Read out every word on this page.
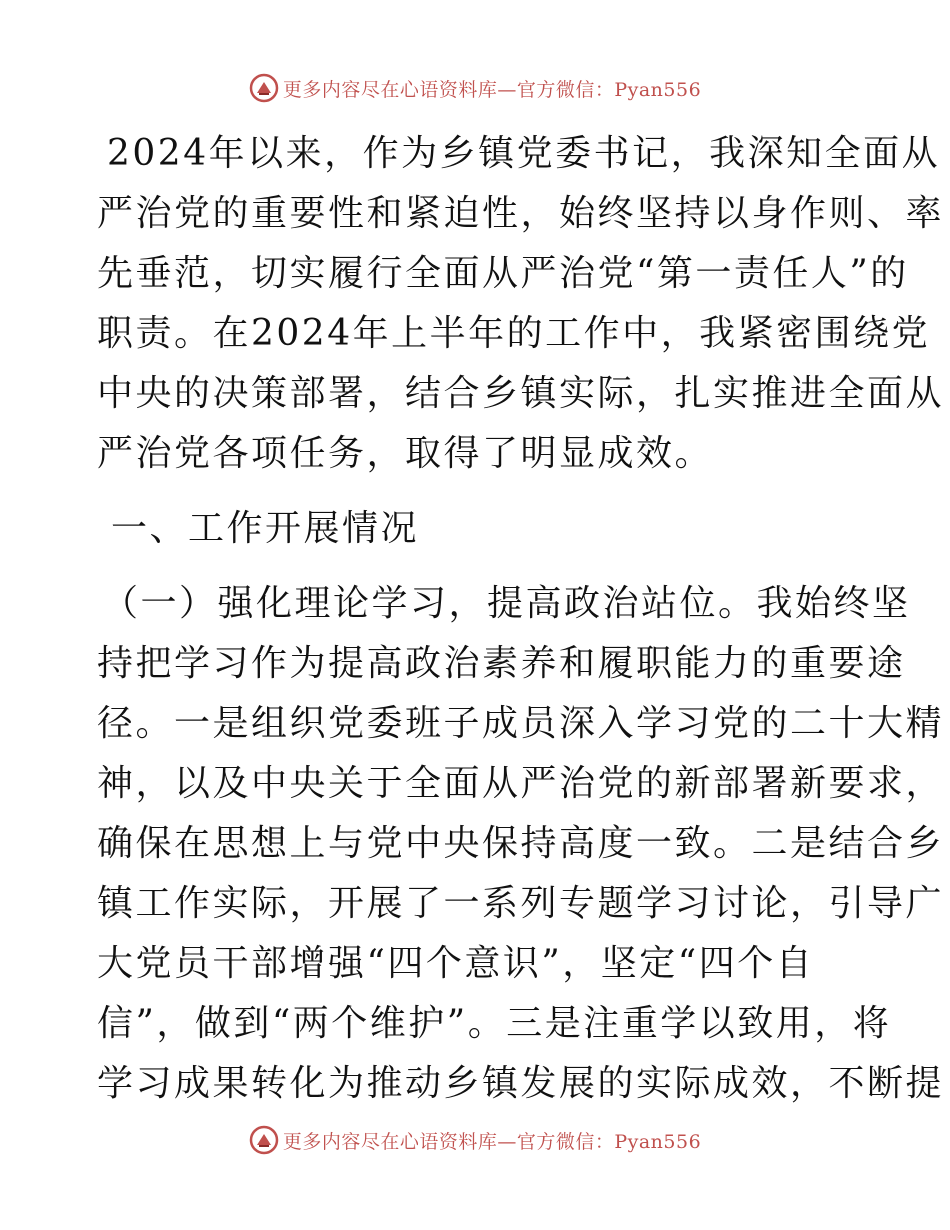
更多内容尽在心语资料库—官方微信：Pyan556
2024年以来，作为乡镇党委书记，我深知全面从
严治党的重要性和紧迫性，始终坚持以身作则、率
先垂范，切实履行全面从严治党“第一责任人”的
职责。在2024年上半年的工作中，我紧密围绕党
中央的决策部署，结合乡镇实际，扎实推进全面从
严治党各项任务，取得了明显成效。
一、工作开展情况
（一）强化理论学习，提高政治站位。我始终坚
持把学习作为提高政治素养和履职能力的重要途
径。一是组织党委班子成员深入学习党的二十大精
神，以及中央关于全面从严治党的新部署新要求，
确保在思想上与党中央保持高度一致。二是结合乡
镇工作实际，开展了一系列专题学习讨论，引导广
大党员干部增强“四个意识”，坚定“四个自
信”，做到“两个维护”。三是注重学以致用，将
学习成果转化为推动乡镇发展的实际成效，不断提
更多内容尽在心语资料库—官方微信：Pyan556
